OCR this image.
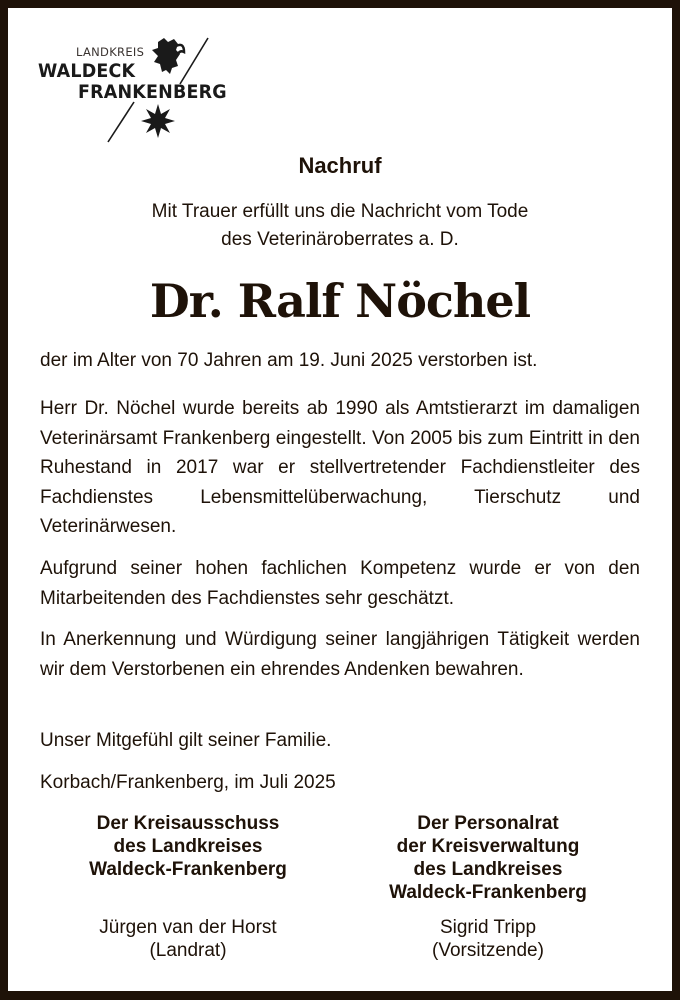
LANDKREIS
WALDECK
FRANKENBERG
Nachruf
Mit Trauer erfüllt uns die Nachricht vom Tode
des Veterinäroberrates a. D.
Dr. Ralf Nöchel

der im Alter von 70 Jahren am 19. Juni 2025 verstorben ist.

Herr Dr. Nöchel wurde bereits ab 1990 als Amtstierarzt im damaligen Veterinärsamt Frankenberg eingestellt. Von 2005 bis zum Eintritt in den Ruhestand in 2017 war er stellvertretender Fachdienstleiter des Fachdienstes Lebensmittelüberwachung, Tierschutz und Veterinärwesen.

Aufgrund seiner hohen fachlichen Kompetenz wurde er von den Mitarbeitenden des Fachdienstes sehr geschätzt.

In Anerkennung und Würdigung seiner langjährigen Tätigkeit werden wir dem Verstorbenen ein ehrendes Andenken bewahren.

Unser Mitgefühl gilt seiner Familie.

Korbach/Frankenberg, im Juli 2025

Der Kreisausschuss
des Landkreises
Waldeck-Frankenberg
Jürgen van der Horst
(Landrat)
Der Personalrat
der Kreisverwaltung
des Landkreises
Waldeck-Frankenberg
Sigrid Tripp
(Vorsitzende)
